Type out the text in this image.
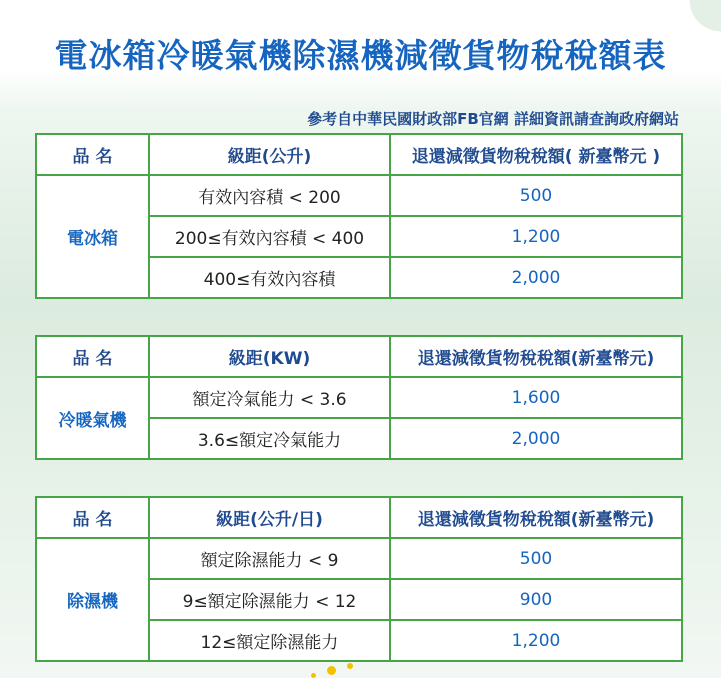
電冰箱冷暖氣機除濕機減徵貨物稅稅額表
參考自中華民國財政部FB官網 詳細資訊請查詢政府網站
品 名	級距(公升)	退還減徵貨物稅稅額( 新臺幣元 )
電冰箱	有效內容積 < 200	500
	200≤有效內容積 < 400	1,200
	400≤有效內容積	2,000
品 名	級距(KW)	退還減徵貨物稅稅額(新臺幣元)
冷暖氣機	額定冷氣能力 < 3.6	1,600
	3.6≤額定冷氣能力	2,000
品 名	級距(公升/日)	退還減徵貨物稅稅額(新臺幣元)
除濕機	額定除濕能力 < 9	500
	9≤額定除濕能力 < 12	900
	12≤額定除濕能力	1,200
